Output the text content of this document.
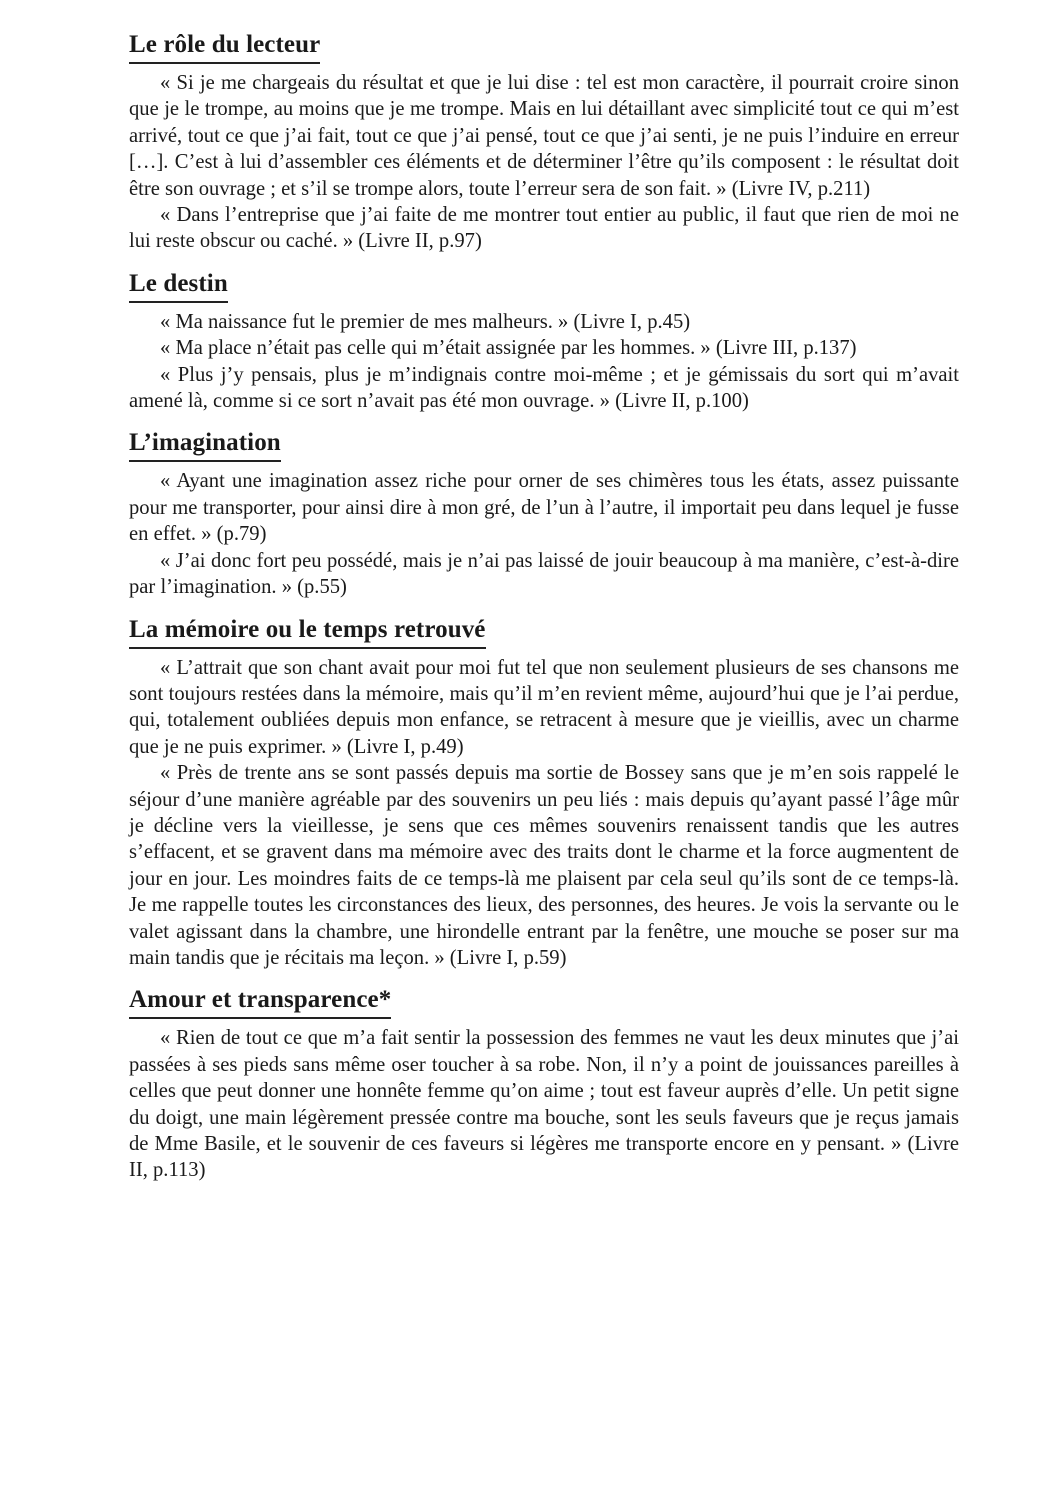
Le rôle du lecteur

« Si je me chargeais du résultat et que je lui dise : tel est mon caractère, il pourrait croire sinon que je le trompe, au moins que je me trompe. Mais en lui détaillant avec simplicité tout ce qui m’est arrivé, tout ce que j’ai fait, tout ce que j’ai pensé, tout ce que j’ai senti, je ne puis l’induire en erreur […]. C’est à lui d’assembler ces éléments et de déterminer l’être qu’ils composent : le résultat doit être son ouvrage ; et s’il se trompe alors, toute l’erreur sera de son fait. » (Livre IV, p.211)

« Dans l’entreprise que j’ai faite de me montrer tout entier au public, il faut que rien de moi ne lui reste obscur ou caché. » (Livre II, p.97)

Le destin

« Ma naissance fut le premier de mes malheurs. » (Livre I, p.45)

« Ma place n’était pas celle qui m’était assignée par les hommes. » (Livre III, p.137)

« Plus j’y pensais, plus je m’indignais contre moi-même ; et je gémissais du sort qui m’avait amené là, comme si ce sort n’avait pas été mon ouvrage. » (Livre II, p.100)

L’imagination

« Ayant une imagination assez riche pour orner de ses chimères tous les états, assez puissante pour me transporter, pour ainsi dire à mon gré, de l’un à l’autre, il importait peu dans lequel je fusse en effet. » (p.79)

« J’ai donc fort peu possédé, mais je n’ai pas laissé de jouir beaucoup à ma manière, c’est-à-dire par l’imagination. » (p.55)

La mémoire ou le temps retrouvé

« L’attrait que son chant avait pour moi fut tel que non seulement plusieurs de ses chansons me sont toujours restées dans la mémoire, mais qu’il m’en revient même, aujourd’hui que je l’ai perdue, qui, totalement oubliées depuis mon enfance, se retracent à mesure que je vieillis, avec un charme que je ne puis exprimer. » (Livre I, p.49)

« Près de trente ans se sont passés depuis ma sortie de Bossey sans que je m’en sois rappelé le séjour d’une manière agréable par des souvenirs un peu liés : mais depuis qu’ayant passé l’âge mûr je décline vers la vieillesse, je sens que ces mêmes souvenirs renaissent tandis que les autres s’effacent, et se gravent dans ma mémoire avec des traits dont le charme et la force augmentent de jour en jour. Les moindres faits de ce temps-là me plaisent par cela seul qu’ils sont de ce temps-là. Je me rappelle toutes les circonstances des lieux, des personnes, des heures. Je vois la servante ou le valet agissant dans la chambre, une hirondelle entrant par la fenêtre, une mouche se poser sur ma main tandis que je récitais ma leçon. » (Livre I, p.59)

Amour et transparence*

« Rien de tout ce que m’a fait sentir la possession des femmes ne vaut les deux minutes que j’ai passées à ses pieds sans même oser toucher à sa robe. Non, il n’y a point de jouissances pareilles à celles que peut donner une honnête femme qu’on aime ; tout est faveur auprès d’elle. Un petit signe du doigt, une main légèrement pressée contre ma bouche, sont les seuls faveurs que je reçus jamais de Mme Basile, et le souvenir de ces faveurs si légères me transporte encore en y pensant. » (Livre II, p.113)
